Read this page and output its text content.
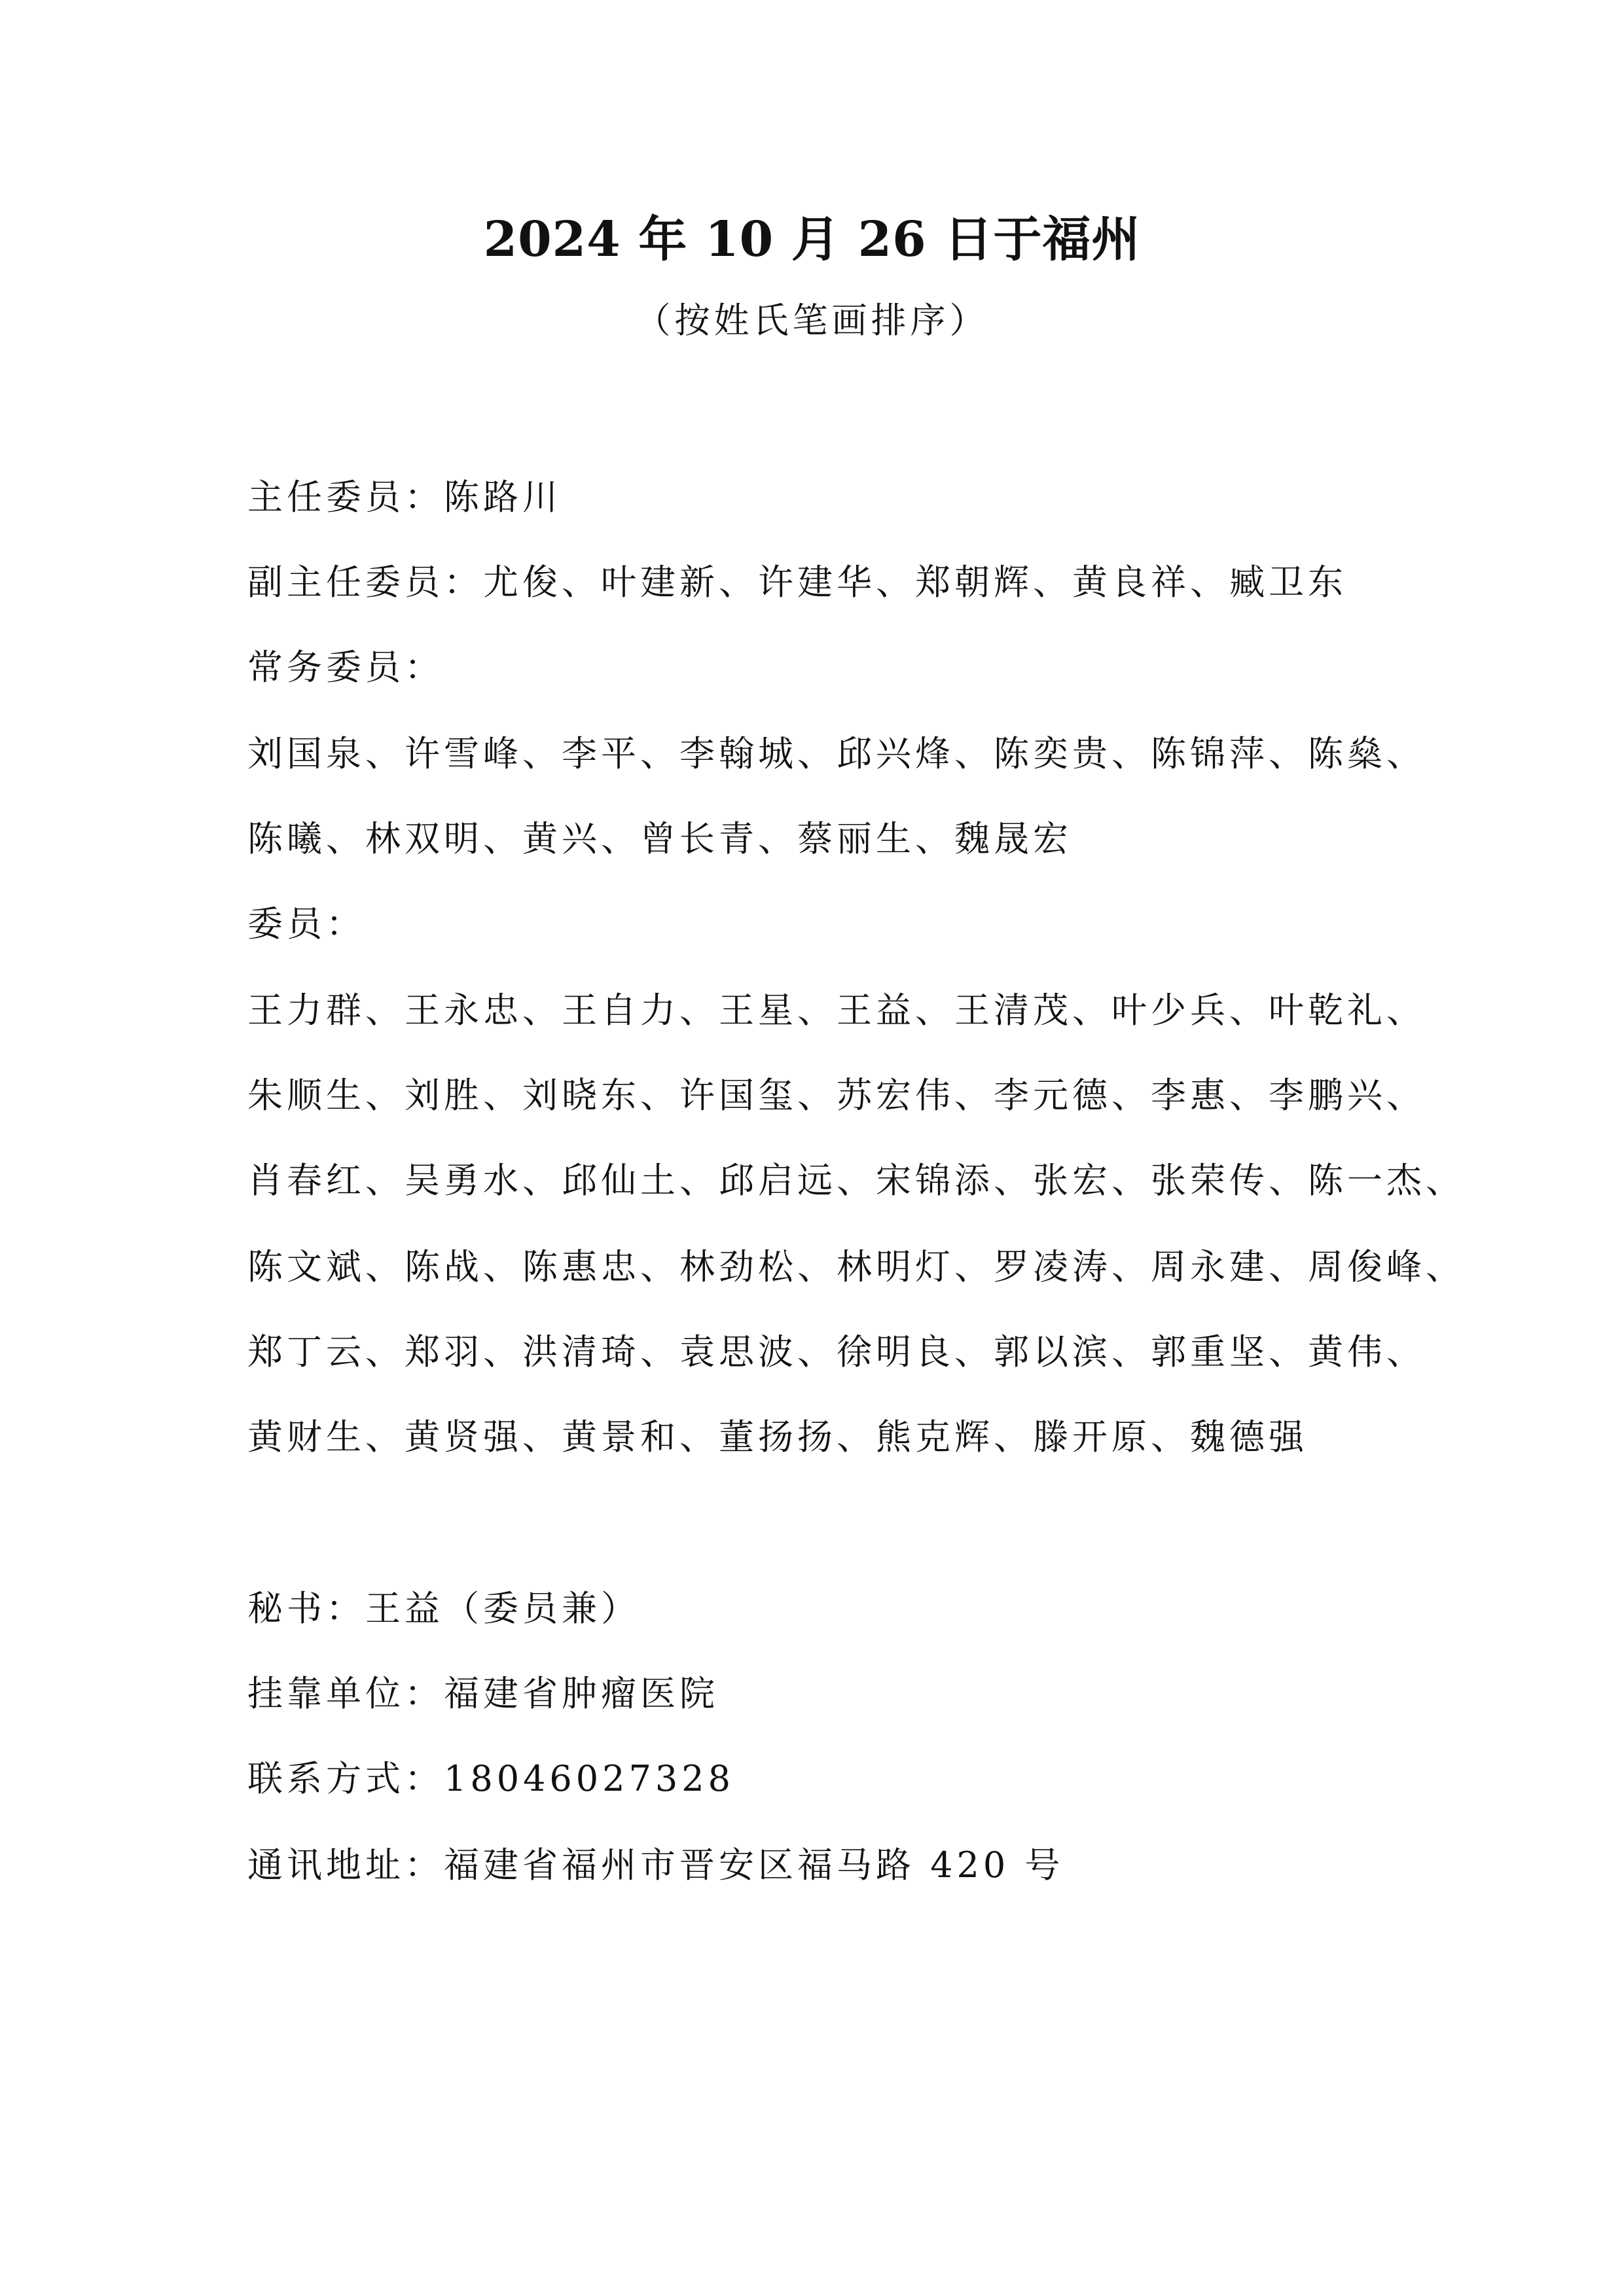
2024 年 10 月 26 日于福州
（按姓氏笔画排序）
主任委员：陈路川
副主任委员：尤俊、叶建新、许建华、郑朝辉、黄良祥、臧卫东
常务委员：
刘国泉、许雪峰、李平、李翰城、邱兴烽、陈奕贵、陈锦萍、陈燊、
陈曦、林双明、黄兴、曾长青、蔡丽生、魏晟宏
委员：
王力群、王永忠、王自力、王星、王益、王清茂、叶少兵、叶乾礼、
朱顺生、刘胜、刘晓东、许国玺、苏宏伟、李元德、李惠、李鹏兴、
肖春红、吴勇水、邱仙土、邱启远、宋锦添、张宏、张荣传、陈一杰、
陈文斌、陈战、陈惠忠、林劲松、林明灯、罗凌涛、周永建、周俊峰、
郑丁云、郑羽、洪清琦、袁思波、徐明良、郭以滨、郭重坚、黄伟、
黄财生、黄贤强、黄景和、董扬扬、熊克辉、滕开原、魏德强
秘书：王益（委员兼）
挂靠单位：福建省肿瘤医院
联系方式：18046027328
通讯地址：福建省福州市晋安区福马路 420 号
